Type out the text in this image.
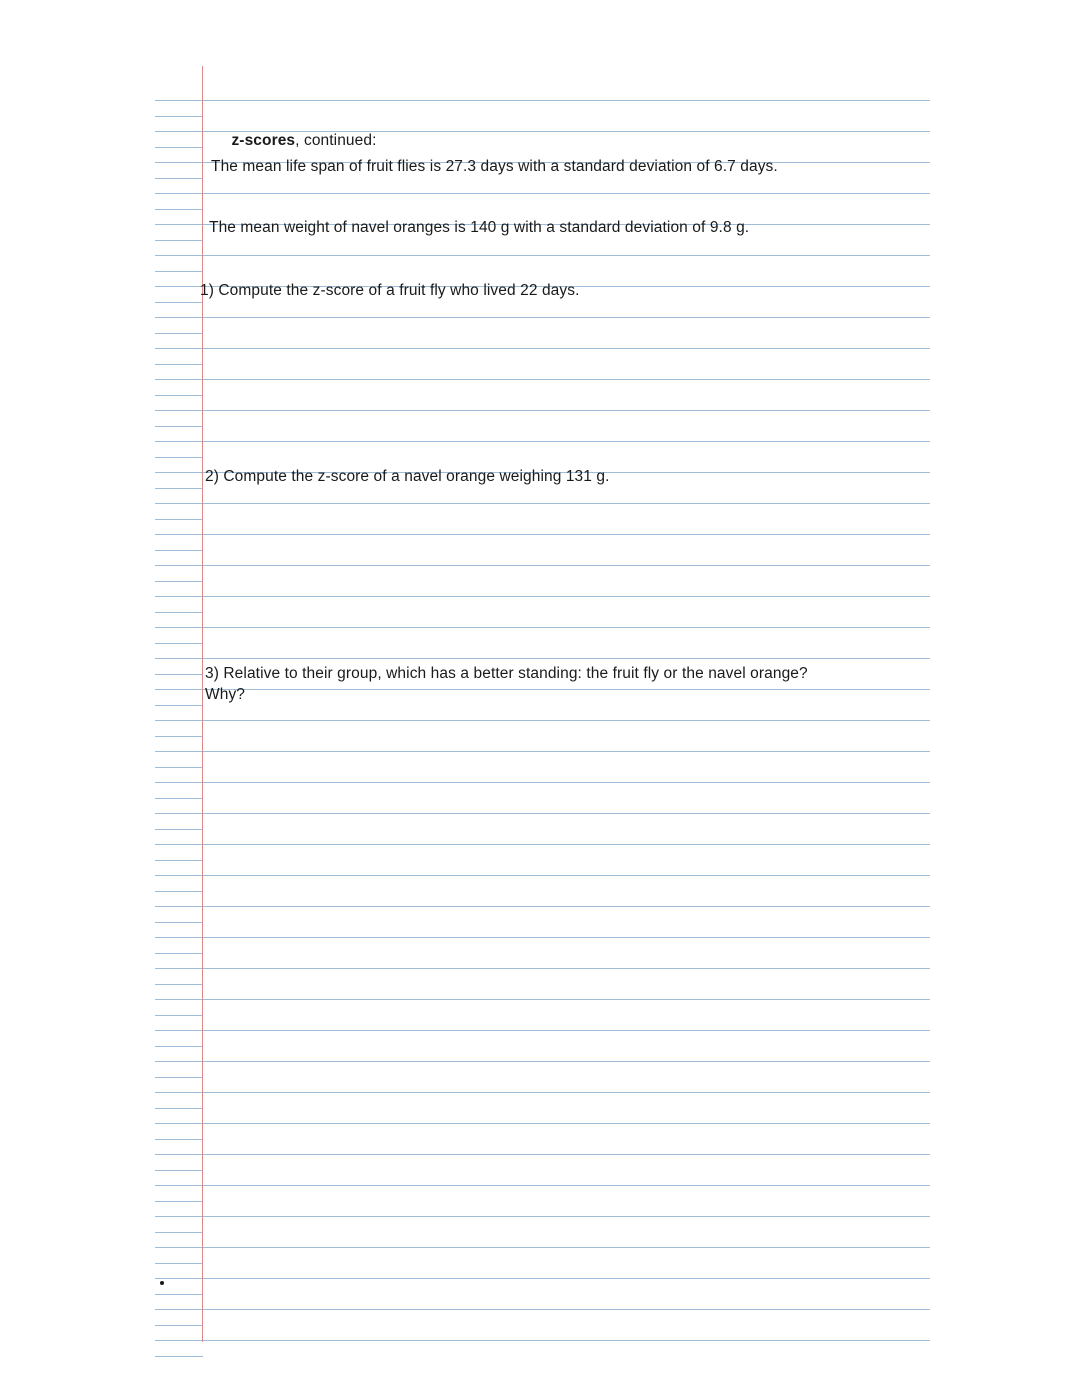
z-scores, continued:

The mean life span of fruit flies is 27.3 days with a standard deviation of 6.7 days.
The mean weight of navel oranges is 140 g with a standard deviation of 9.8 g.
1) Compute the z-score of a fruit fly who lived 22 days.
2) Compute the z-score of a navel orange weighing 131 g.
3) Relative to their group, which has a better standing: the fruit fly or the navel orange?
Why?
